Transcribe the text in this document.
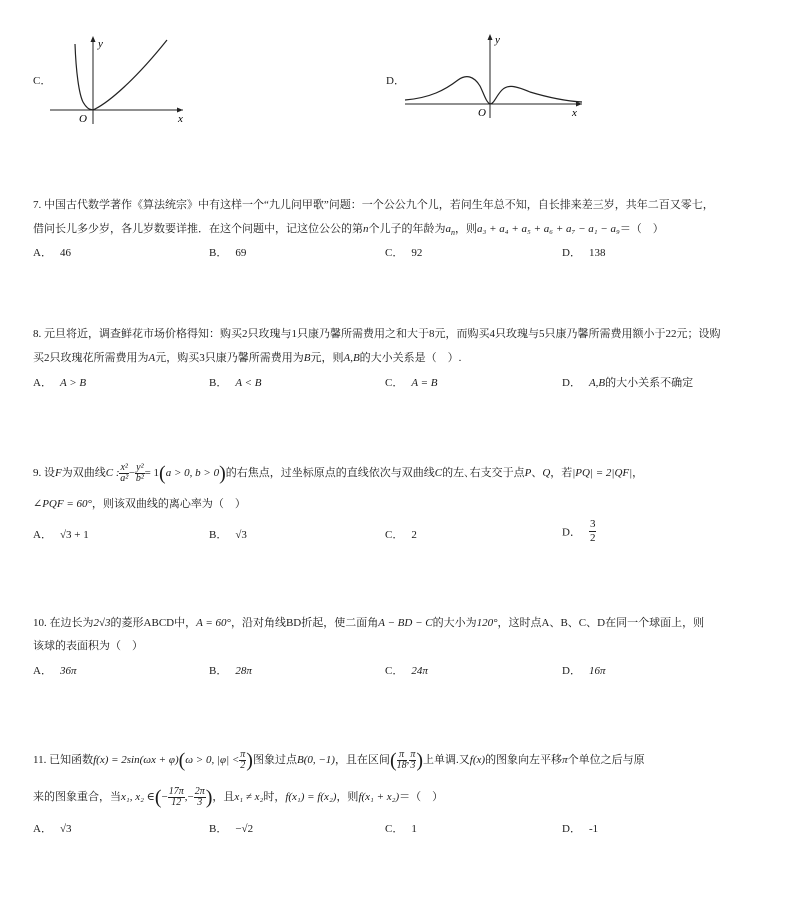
C．
y
x
O
D．
y
x
O
7. 中国古代数学著作《算法统宗》中有这样一个“九儿问甲歌”问题：一个公公九个儿，若问生年总不知，自长排来差三岁，共年二百又零七，
借问长儿多少岁，各儿岁数要详推．在这个问题中，记这位公公的第n个儿子的年龄为$a_n$，则a₃ + a₄ + a₅ + a₆ + a₇ − a₁ − a₉＝（　）
A． 46	B． 69	C． 92	D． 138
8. 元旦将近，调查鲜花市场价格得知：购买2只玫瑰与1只康乃馨所需费用之和大于8元，而购买4只玫瑰与5只康乃馨所需费用额小于22元；设购
买2只玫瑰花所需费用为A元，购买3只康乃馨所需费用为B元，则A,B的大小关系是（　）.
A． A > B	B． A < B	C． A = B	D． A,B的大小关系不确定
9. 设F为双曲线C : $\frac{\text{x²}}{\text{a²}} - \frac{\text{y²}}{\text{b²}} = 1(a > 0$, b > 0)的右焦点，过坐标原点的直线依次与双曲线C的左､右支交于点P、Q，若|PQ| = 2|QF|，
∠PQF = 60°，则该双曲线的离心率为（　）
A． √3 + 1	B． √3	C． 2	D． $\frac{3}{2}$
10. 在边长为2√3的菱形ABCD中，A = 60°，沿对角线BD折起，使二面角A − BD − C的大小为120°，这时点A、B、C、D在同一个球面上，则
该球的表面积为（　）
A． 36π	B． 28π	C． 24π	D． 16π
11. 已知函数f(x) = 2sin(ωx + φ)(ω > 0, $|\varphi| < \frac{\pi}{2}$ )图象过点B(0, −1)，且在区间( $\frac{\pi}{18}$ , $\frac{\pi}{3}$ )上单调.又f(x)的图象向左平移π个单位之后与原
来的图象重合，当x₁, x₂ ∈(− $\frac{17\pi}{12}$ ,− $\frac{2\pi}{3}$ )，且x₁ ≠ x₂时，f(x₁) = f(x₂)，则f(x₁ + x₂)＝（　）
A． √3	B． −√2	C． 1	D． -1
